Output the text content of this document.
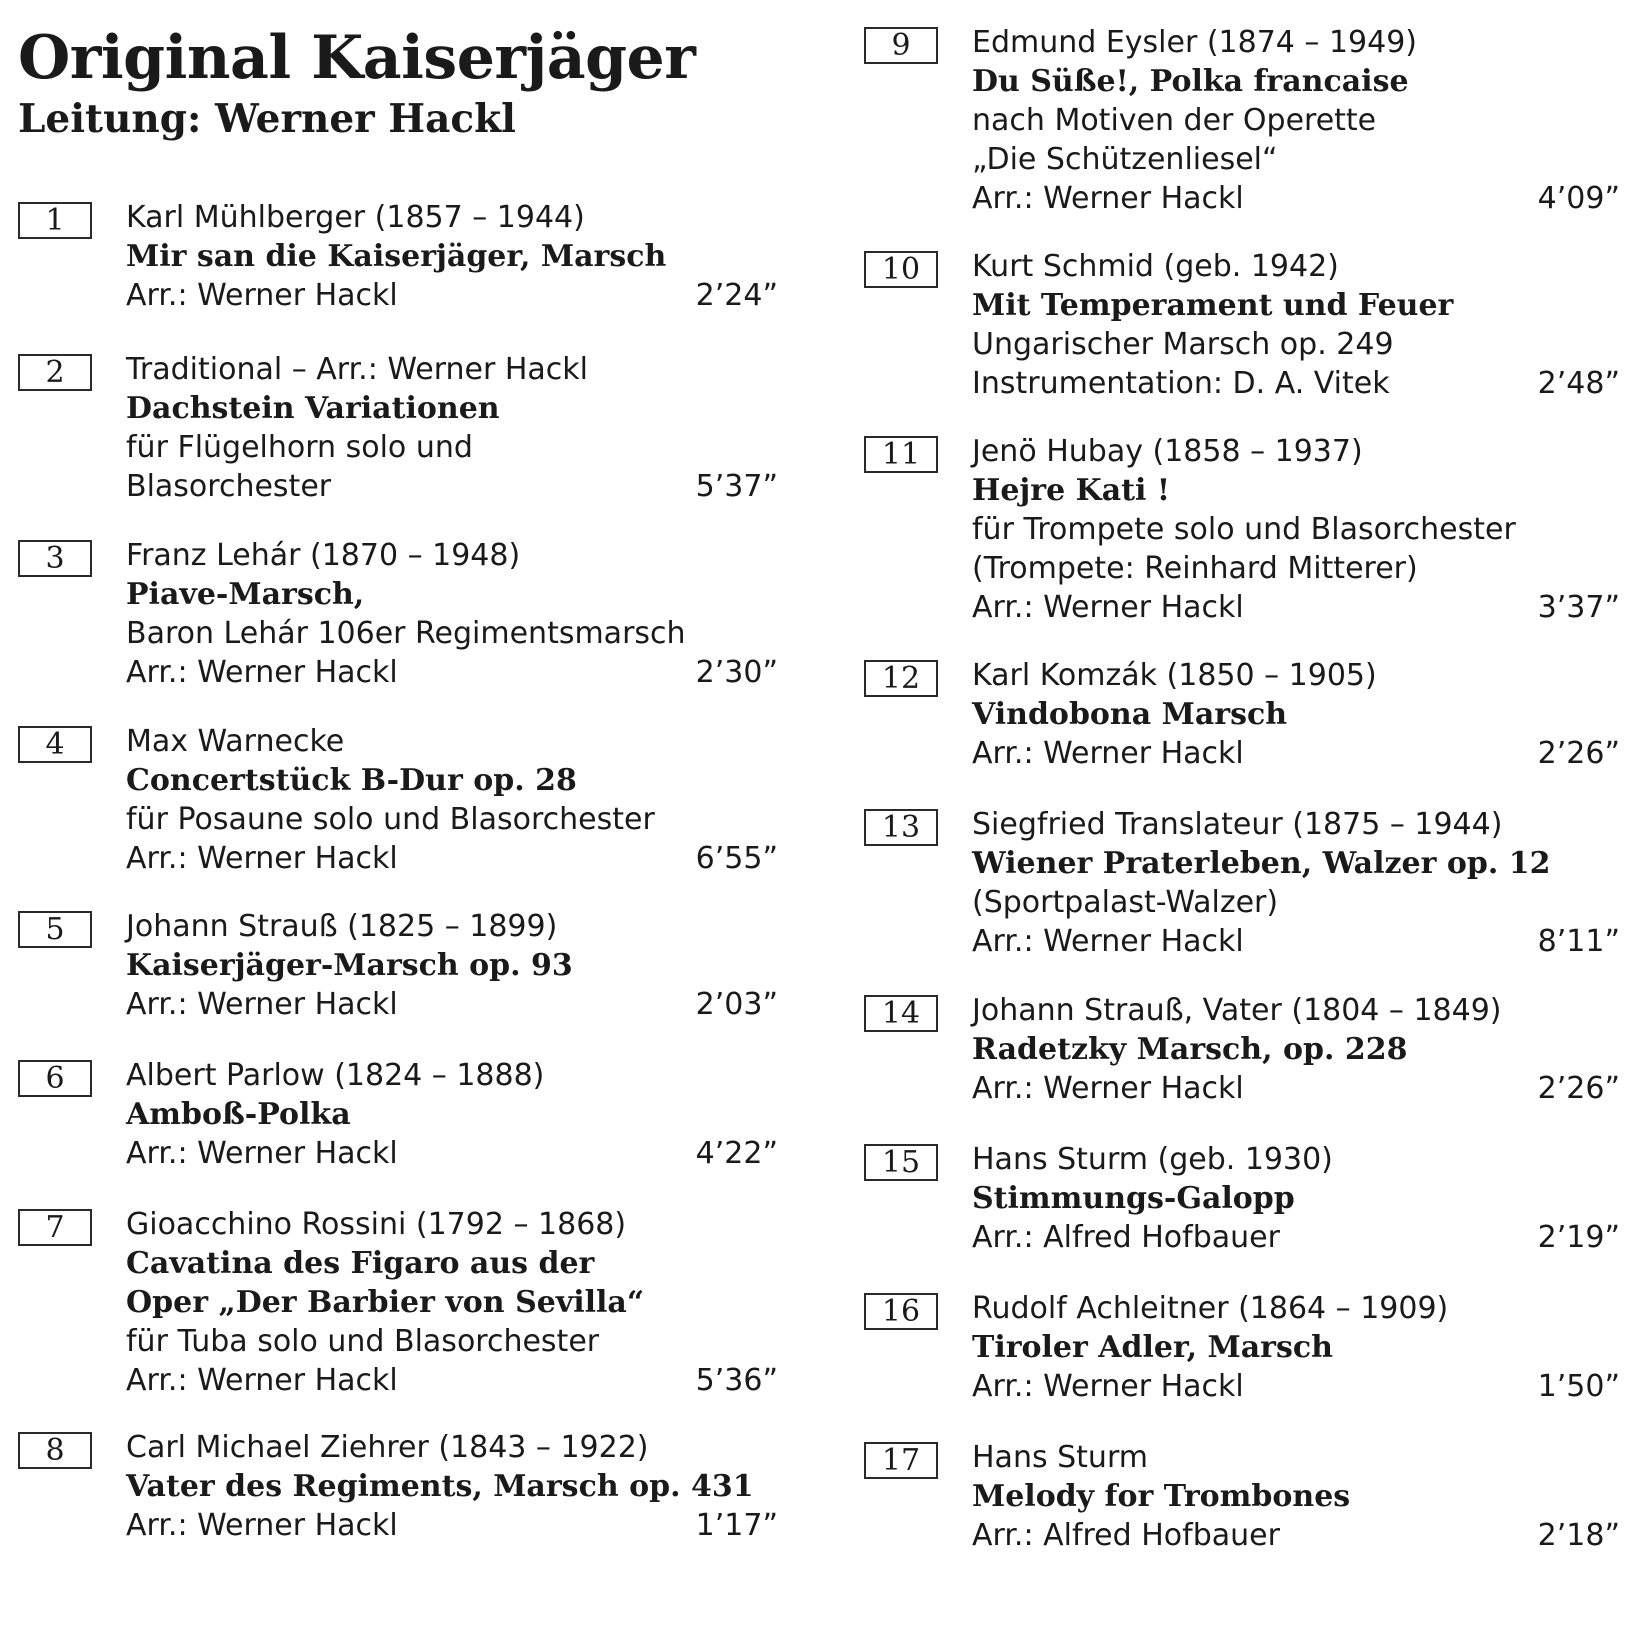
Original Kaiserjäger
Leitung: Werner Hackl
1	Karl Mühlberger (1857 – 1944)
Mir san die Kaiserjäger, Marsch
Arr.: Werner Hackl	2’24”
2	Traditional – Arr.: Werner Hackl
Dachstein Variationen
für Flügelhorn solo und
Blasorchester	5’37”
3	Franz Lehár (1870 – 1948)
Piave-Marsch,
Baron Lehár 106er Regimentsmarsch
Arr.: Werner Hackl	2’30”
4	Max Warnecke
Concertstück B-Dur op. 28
für Posaune solo und Blasorchester
Arr.: Werner Hackl	6’55”
5	Johann Strauß (1825 – 1899)
Kaiserjäger-Marsch op. 93
Arr.: Werner Hackl	2’03”
6	Albert Parlow (1824 – 1888)
Amboß-Polka
Arr.: Werner Hackl	4’22”
7	Gioacchino Rossini (1792 – 1868)
Cavatina des Figaro aus der
Oper „Der Barbier von Sevilla“
für Tuba solo und Blasorchester
Arr.: Werner Hackl	5’36”
8	Carl Michael Ziehrer (1843 – 1922)
Vater des Regiments, Marsch op. 431
Arr.: Werner Hackl	1’17”
9	Edmund Eysler (1874 – 1949)
Du Süße!, Polka francaise
nach Motiven der Operette
„Die Schützenliesel“
Arr.: Werner Hackl	4’09”
10	Kurt Schmid (geb. 1942)
Mit Temperament und Feuer
Ungarischer Marsch op. 249
Instrumentation: D. A. Vitek	2’48”
11	Jenö Hubay (1858 – 1937)
Hejre Kati !
für Trompete solo und Blasorchester
(Trompete: Reinhard Mitterer)
Arr.: Werner Hackl	3’37”
12	Karl Komzák (1850 – 1905)
Vindobona Marsch
Arr.: Werner Hackl	2’26”
13	Siegfried Translateur (1875 – 1944)
Wiener Praterleben, Walzer op. 12
(Sportpalast-Walzer)
Arr.: Werner Hackl	8’11”
14	Johann Strauß, Vater (1804 – 1849)
Radetzky Marsch, op. 228
Arr.: Werner Hackl	2’26”
15	Hans Sturm (geb. 1930)
Stimmungs-Galopp
Arr.: Alfred Hofbauer	2’19”
16	Rudolf Achleitner (1864 – 1909)
Tiroler Adler, Marsch
Arr.: Werner Hackl	1’50”
17	Hans Sturm
Melody for Trombones
Arr.: Alfred Hofbauer	2’18”
